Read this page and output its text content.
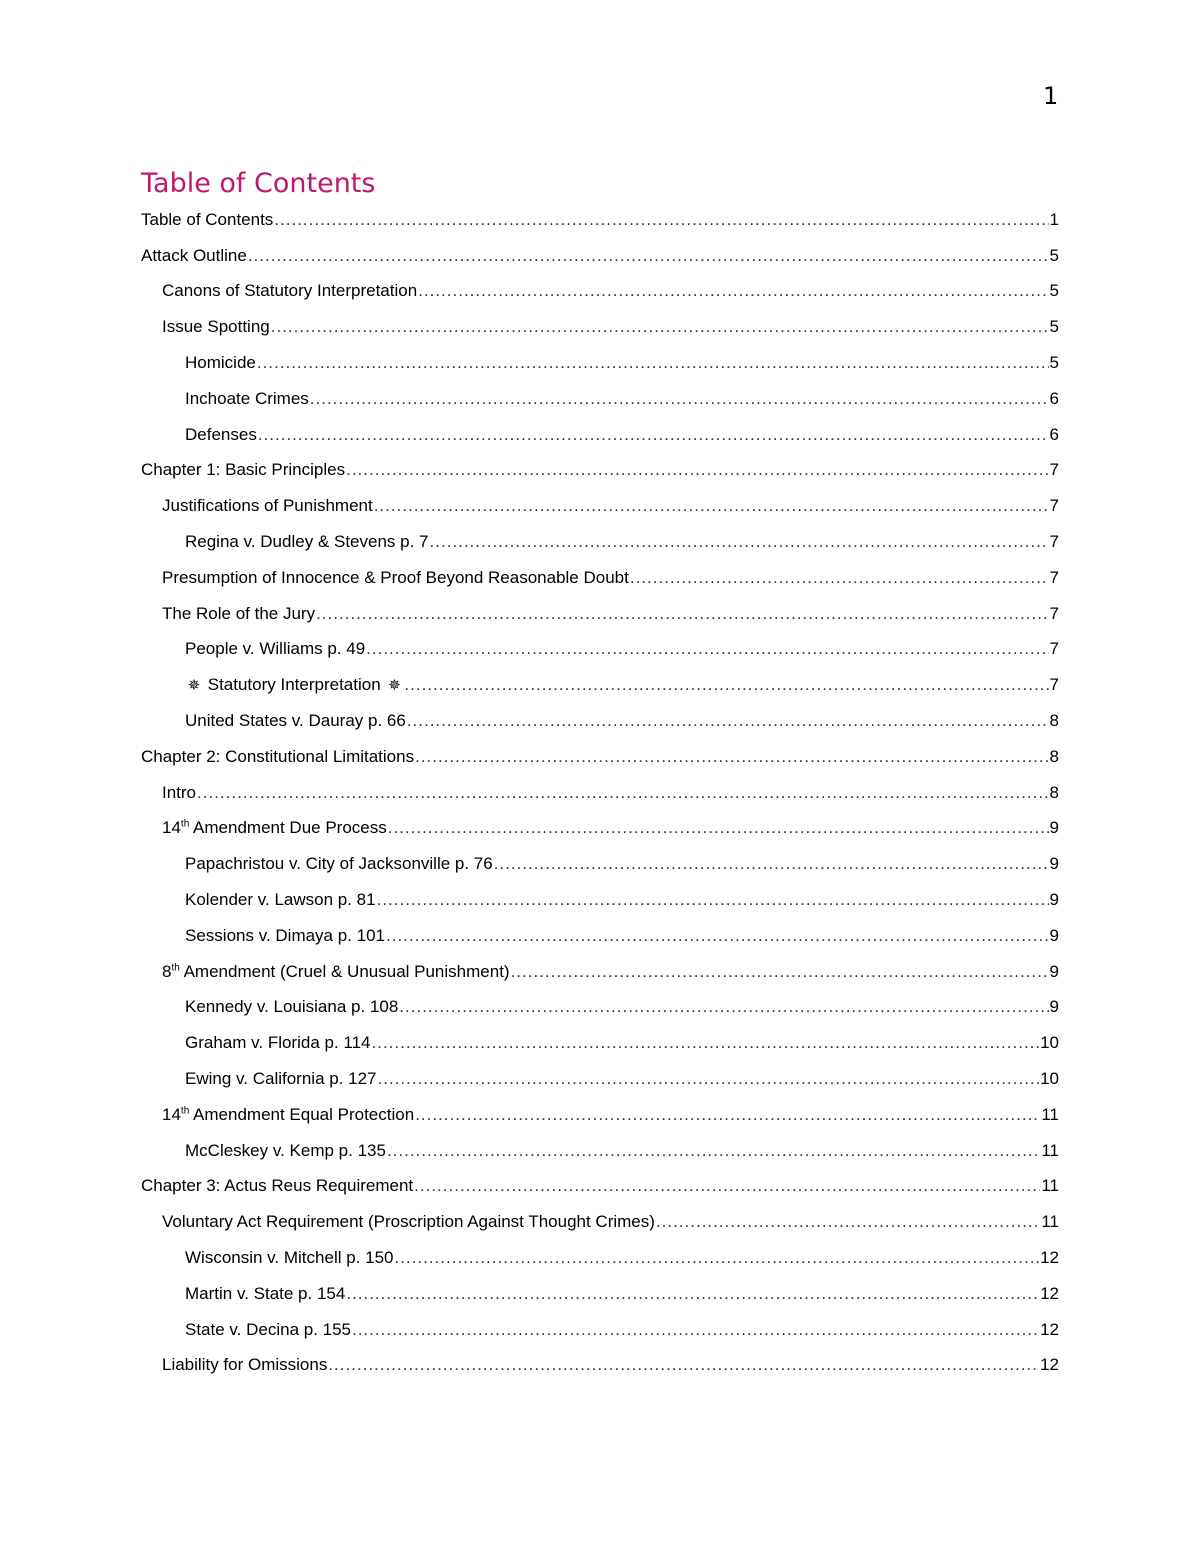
1
Table of Contents
Table of Contents .....	1
Attack Outline .....	5
Canons of Statutory Interpretation .....	5
Issue Spotting .....	5
Homicide .....	5
Inchoate Crimes .....	6
Defenses .....	6
Chapter 1: Basic Principles .....	7
Justifications of Punishment .....	7
Regina v. Dudley & Stevens p. 7 .....	7
Presumption of Innocence & Proof Beyond Reasonable Doubt .....	7
The Role of the Jury .....	7
People v. Williams p. 49 .....	7
✵ Statutory Interpretation ✵ .....	7
United States v. Dauray p. 66 .....	8
Chapter 2: Constitutional Limitations .....	8
Intro .....	8
14th Amendment Due Process .....	9
Papachristou v. City of Jacksonville p. 76 .....	9
Kolender v. Lawson p. 81 .....	9
Sessions v. Dimaya p. 101 .....	9
8th Amendment (Cruel & Unusual Punishment) .....	9
Kennedy v. Louisiana p. 108 .....	9
Graham v. Florida p. 114 .....	10
Ewing v. California p. 127 .....	10
14th Amendment Equal Protection .....	11
McCleskey v. Kemp p. 135 .....	11
Chapter 3: Actus Reus Requirement .....	11
Voluntary Act Requirement (Proscription Against Thought Crimes) .....	11
Wisconsin v. Mitchell p. 150 .....	12
Martin v. State p. 154 .....	12
State v. Decina p. 155 .....	12
Liability for Omissions .....	12
